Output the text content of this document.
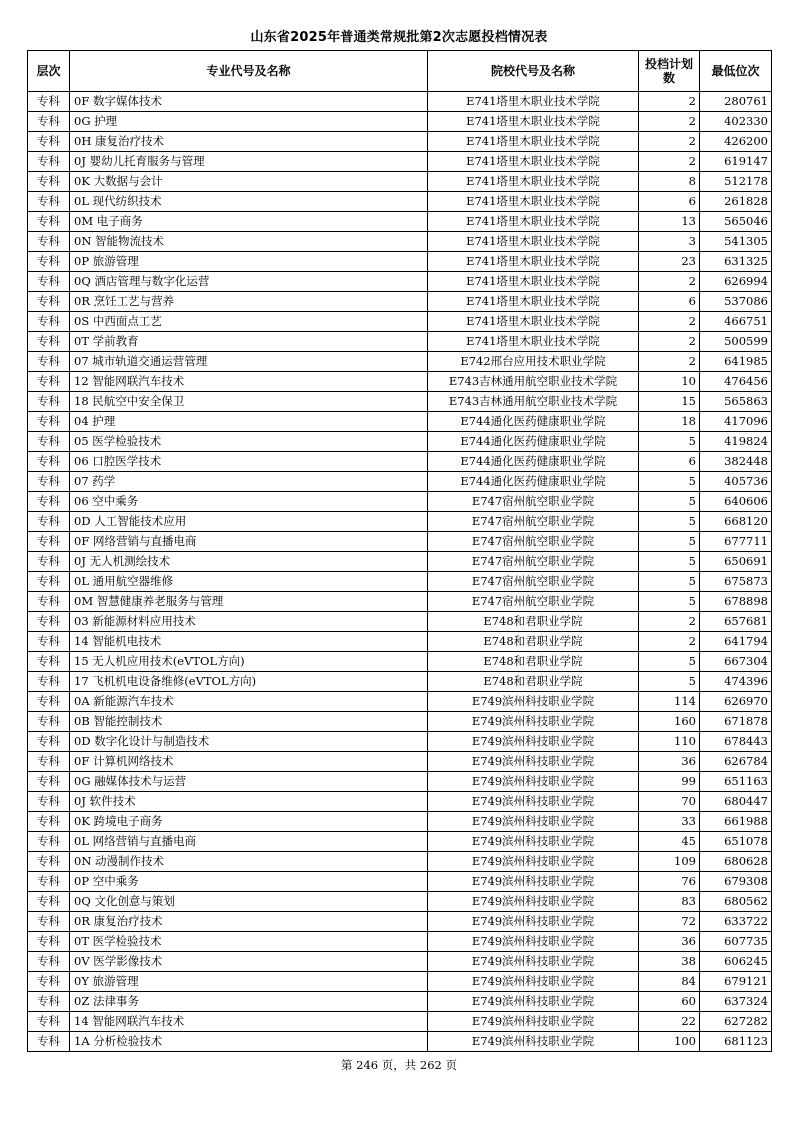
山东省2025年普通类常规批第2次志愿投档情况表
层次	专业代号及名称	院校代号及名称	投档计划数	最低位次
专科	0F 数字媒体技术	E741塔里木职业技术学院	2	280761
专科	0G 护理	E741塔里木职业技术学院	2	402330
专科	0H 康复治疗技术	E741塔里木职业技术学院	2	426200
专科	0J 婴幼儿托育服务与管理	E741塔里木职业技术学院	2	619147
专科	0K 大数据与会计	E741塔里木职业技术学院	8	512178
专科	0L 现代纺织技术	E741塔里木职业技术学院	6	261828
专科	0M 电子商务	E741塔里木职业技术学院	13	565046
专科	0N 智能物流技术	E741塔里木职业技术学院	3	541305
专科	0P 旅游管理	E741塔里木职业技术学院	23	631325
专科	0Q 酒店管理与数字化运营	E741塔里木职业技术学院	2	626994
专科	0R 烹饪工艺与营养	E741塔里木职业技术学院	6	537086
专科	0S 中西面点工艺	E741塔里木职业技术学院	2	466751
专科	0T 学前教育	E741塔里木职业技术学院	2	500599
专科	07 城市轨道交通运营管理	E742邢台应用技术职业学院	2	641985
专科	12 智能网联汽车技术	E743吉林通用航空职业技术学院	10	476456
专科	18 民航空中安全保卫	E743吉林通用航空职业技术学院	15	565863
专科	04 护理	E744通化医药健康职业学院	18	417096
专科	05 医学检验技术	E744通化医药健康职业学院	5	419824
专科	06 口腔医学技术	E744通化医药健康职业学院	6	382448
专科	07 药学	E744通化医药健康职业学院	5	405736
专科	06 空中乘务	E747宿州航空职业学院	5	640606
专科	0D 人工智能技术应用	E747宿州航空职业学院	5	668120
专科	0F 网络营销与直播电商	E747宿州航空职业学院	5	677711
专科	0J 无人机测绘技术	E747宿州航空职业学院	5	650691
专科	0L 通用航空器维修	E747宿州航空职业学院	5	675873
专科	0M 智慧健康养老服务与管理	E747宿州航空职业学院	5	678898
专科	03 新能源材料应用技术	E748和君职业学院	2	657681
专科	14 智能机电技术	E748和君职业学院	2	641794
专科	15 无人机应用技术(eVTOL方向)	E748和君职业学院	5	667304
专科	17 飞机机电设备维修(eVTOL方向)	E748和君职业学院	5	474396
专科	0A 新能源汽车技术	E749滨州科技职业学院	114	626970
专科	0B 智能控制技术	E749滨州科技职业学院	160	671878
专科	0D 数字化设计与制造技术	E749滨州科技职业学院	110	678443
专科	0F 计算机网络技术	E749滨州科技职业学院	36	626784
专科	0G 融媒体技术与运营	E749滨州科技职业学院	99	651163
专科	0J 软件技术	E749滨州科技职业学院	70	680447
专科	0K 跨境电子商务	E749滨州科技职业学院	33	661988
专科	0L 网络营销与直播电商	E749滨州科技职业学院	45	651078
专科	0N 动漫制作技术	E749滨州科技职业学院	109	680628
专科	0P 空中乘务	E749滨州科技职业学院	76	679308
专科	0Q 文化创意与策划	E749滨州科技职业学院	83	680562
专科	0R 康复治疗技术	E749滨州科技职业学院	72	633722
专科	0T 医学检验技术	E749滨州科技职业学院	36	607735
专科	0V 医学影像技术	E749滨州科技职业学院	38	606245
专科	0Y 旅游管理	E749滨州科技职业学院	84	679121
专科	0Z 法律事务	E749滨州科技职业学院	60	637324
专科	14 智能网联汽车技术	E749滨州科技职业学院	22	627282
专科	1A 分析检验技术	E749滨州科技职业学院	100	681123
第 246 页，共 262 页
